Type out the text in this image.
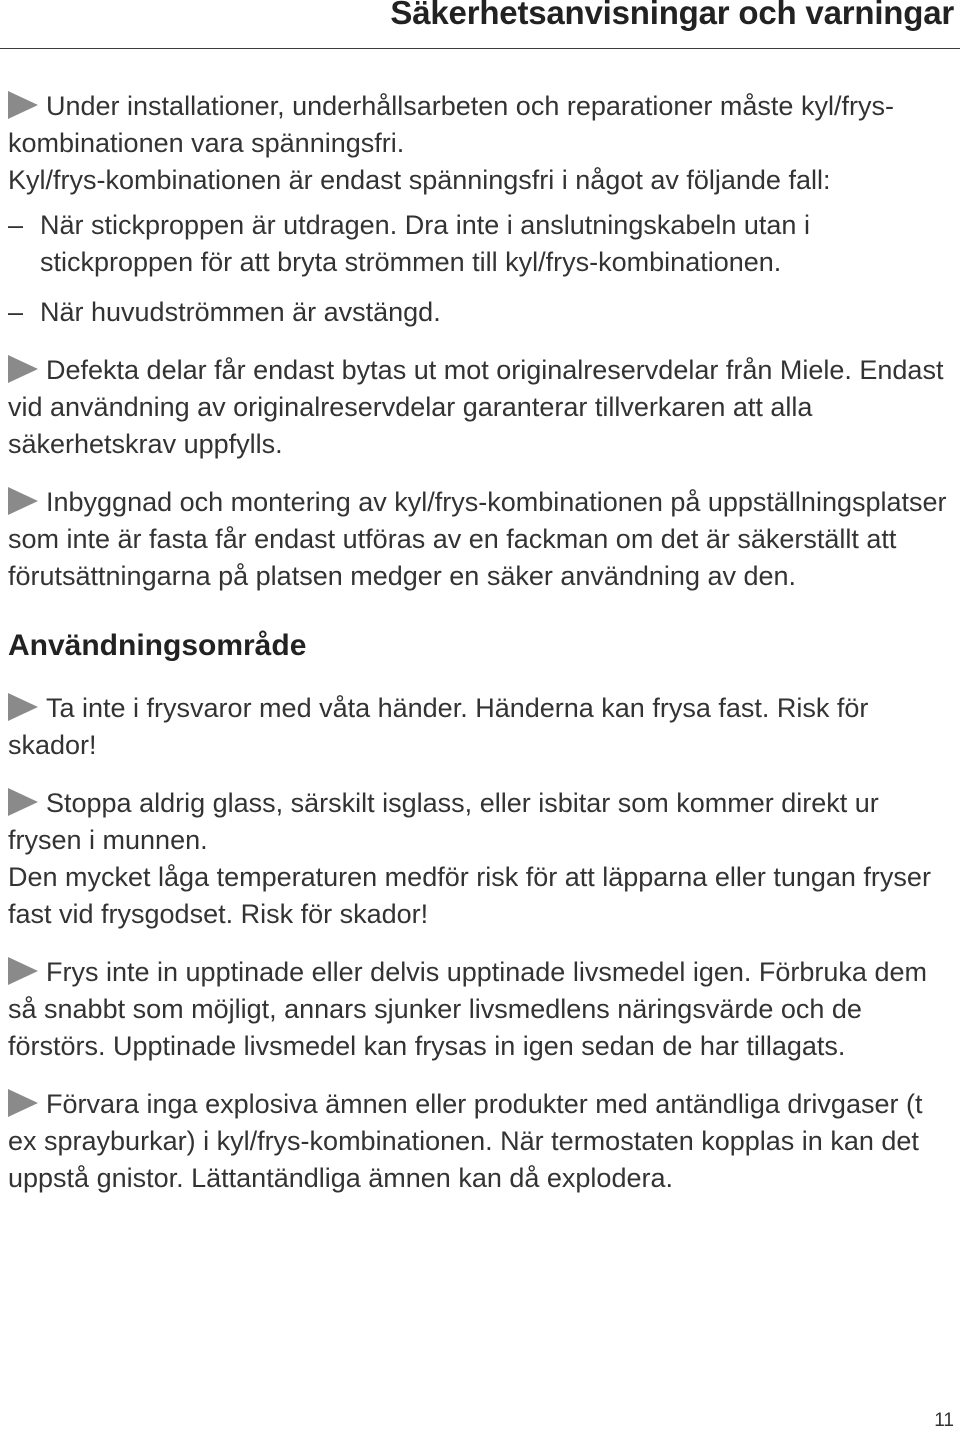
Säkerhetsanvisningar och varningar

Under installationer, underhållsarbeten och reparationer måste kyl/frys-kombinationen vara spänningsfri.

Kyl/frys-kombinationen är endast spänningsfri i något av följande fall:

– När stickproppen är utdragen. Dra inte i anslutningskabeln utan i stickproppen för att bryta strömmen till kyl/frys-kombinationen.
– När huvudströmmen är avstängd.

Defekta delar får endast bytas ut mot originalreservdelar från Miele. Endast vid användning av originalreservdelar garanterar tillverkaren att alla säkerhetskrav uppfylls.

Inbyggnad och montering av kyl/frys-kombinationen på uppställningsplatser som inte är fasta får endast utföras av en fackman om det är säkerställt att förutsättningarna på platsen medger en säker användning av den.

Användningsområde

Ta inte i frysvaror med våta händer. Händerna kan frysa fast. Risk för skador!

Stoppa aldrig glass, särskilt isglass, eller isbitar som kommer direkt ur frysen i munnen.

Den mycket låga temperaturen medför risk för att läpparna eller tungan fryser fast vid frysgodset. Risk för skador!

Frys inte in upptinade eller delvis upptinade livsmedel igen. Förbruka dem så snabbt som möjligt, annars sjunker livsmedlens näringsvärde och de förstörs. Upptinade livsmedel kan frysas in igen sedan de har tillagats.

Förvara inga explosiva ämnen eller produkter med antändliga drivgaser (t ex sprayburkar) i kyl/frys-kombinationen. När termostaten kopplas in kan det uppstå gnistor. Lättantändliga ämnen kan då explodera.

11
